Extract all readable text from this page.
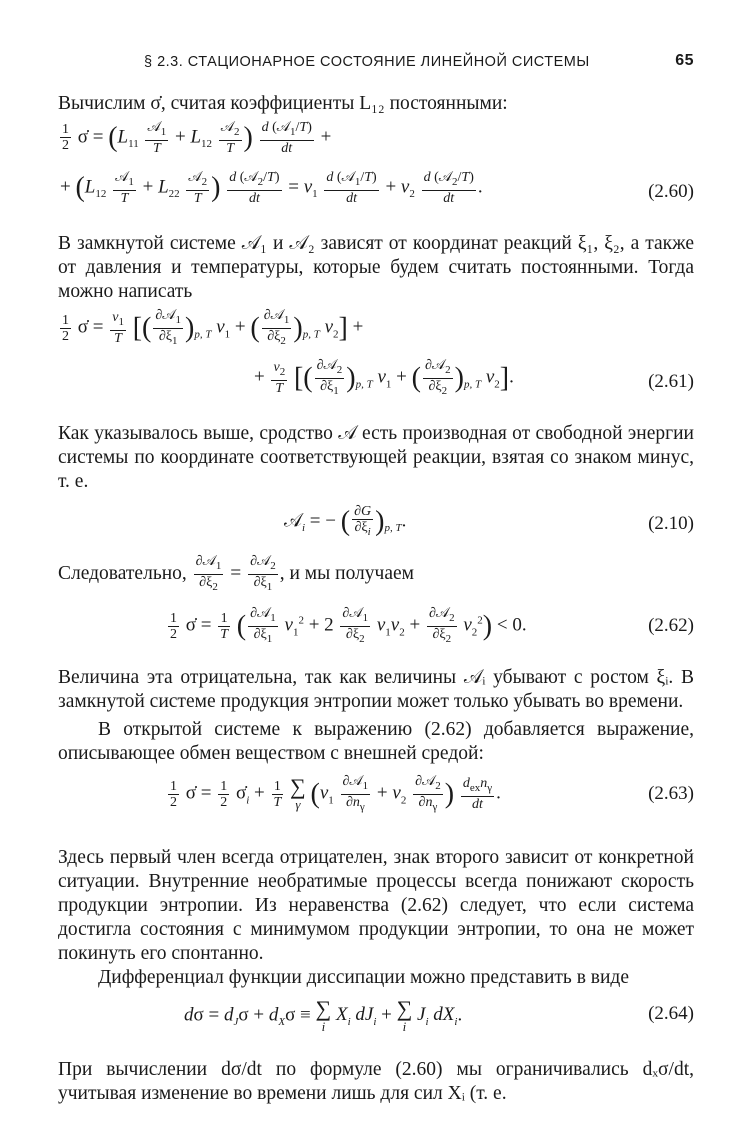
§ 2.3. СТАЦИОНАРНОЕ СОСТОЯНИЕ ЛИНЕЙНОЙ СИСТЕМЫ	65

Вычислим σ̇, считая коэффициенты L₁₂ постоянными:

$\frac{1}{2}$ σ̇ = ($L_{11} \frac{𝒜_1}{T} + L_{12} \frac{𝒜_2}{T}$ ) $\frac{d (𝒜_1/T)}{dt}$ +
+ ($L_{12} \frac{𝒜_1}{T} + L_{22} \frac{𝒜_2}{T}$ ) $\frac{d (𝒜_2/T)}{dt} = v_1 \frac{d (𝒜_1/T)}{dt} + v_2 \frac{d (𝒜_2/T)}{dt}$ .	(2.60)

В замкнутой системе 𝒜₁ и 𝒜₂ зависят от координат реакций ξ₁, ξ₂, а также от давления и температуры, которые будем считать постоянными. Тогда можно написать

$\frac{1}{2}$ σ̇ = $\frac{v_1}{T}$ [( $\frac{\partial 𝒜_1}{\partial\xi_1} )_{p, T}$ $v_1$ + ( $\frac{\partial 𝒜_1}{\partial\xi_2} )_{p, T}$ $v_2$] +
+ $\frac{v_2}{T}$ [( $\frac{\partial 𝒜_2}{\partial\xi_1} )_{p, T}$ $v_1$ + ( $\frac{\partial 𝒜_2}{\partial\xi_2} )_{p, T}$ $v_2$].	(2.61)

Как указывалось выше, сродство 𝒜 есть производная от свободной энергии системы по координате соответствующей реакции, взятая со знаком минус, т. е.

𝒜$_i$ = − ( $\frac{\partial G}{\partial\xi_i} )_{p, T}$.	(2.10)
Следовательно, $\frac{\partial 𝒜_1}{\partial\xi_2} = \frac{\partial 𝒜_2}{\partial\xi_1}$ , и мы получаем
$\frac{1}{2}$ σ̇ = $\frac{1}{T}$ ( $\frac{\partial 𝒜_1}{\partial\xi_1} v_1^2 + 2 \frac{\partial 𝒜_1}{\partial\xi_2} v_1v_2 + \frac{\partial 𝒜_2}{\partial\xi_2} v_2^2) < 0$.	(2.62)

Величина эта отрицательна, так как величины 𝒜ᵢ убывают с ростом ξᵢ. В замкнутой системе продукция энтропии может только убывать во времени.

В открытой системе к выражению (2.62) добавляется выражение, описывающее обмен веществом с внешней средой:

$\frac{1}{2}$ σ̇ = $\frac{1}{2}$ $\sigmȧ_i + \frac{1}{T}$
∑
γ ($v_1 \frac{\partial 𝒜_1}{\partial n_\gamma} + v_2 \frac{\partial 𝒜_2}{\partial n_\gamma}$ ) $\frac{d_{ex}n_\gamma}{dt}$ .	(2.63)

Здесь первый член всегда отрицателен, знак второго зависит от конкретной ситуации. Внутренние необратимые процессы всегда понижают скорость продукции энтропии. Из неравенства (2.62) следует, что если система достигла состояния с минимумом продукции энтропии, то она не может покинуть его спонтанно.

Дифференциал функции диссипации можно представить в виде

$d\sigma = d_J\sigma + d_X\sigma$ ≡ ∑
i
$X_i$ $dJ_i$ + ∑
i
$J_i$ $dX_i$.	(2.64)

При вычислении dσ/dt по формуле (2.60) мы ограничивались dₓσ/dt, учитывая изменение во времени лишь для сил Xᵢ (т. е.
